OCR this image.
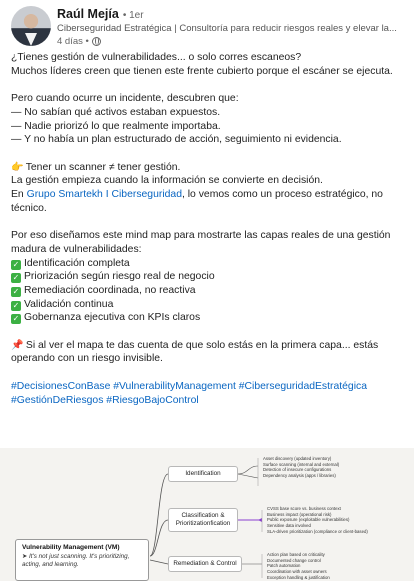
Raúl Mejía • 1er
Ciberseguridad Estratégica | Consultoría para reducir riesgos reales y elevar la...
4 días •
¿Tienes gestión de vulnerabilidades... o solo corres escaneos?
Muchos líderes creen que tienen este frente cubierto porque el escáner se ejecuta.
Pero cuando ocurre un incidente, descubren que:
— No sabían qué activos estaban expuestos.
— Nadie priorizó lo que realmente importaba.
— Y no había un plan estructurado de acción, seguimiento ni evidencia.
👉 Tener un scanner ≠ tener gestión.
La gestión empieza cuando la información se convierte en decisión.
En Grupo Smartekh I Ciberseguridad, lo vemos como un proceso estratégico, no
técnico.
Por eso diseñamos este mind map para mostrarte las capas reales de una gestión
madura de vulnerabilidades:
✓ Identificación completa
✓ Priorización según riesgo real de negocio
✓ Remediación coordinada, no reactiva
✓ Validación continua
✓ Gobernanza ejecutiva con KPIs claros
📌 Si al ver el mapa te das cuenta de que solo estás en la primera capa... estás
operando con un riesgo invisible.
#DecisionesConBase #VulnerabilityManagement #CiberseguridadEstratégica
#GestiónDeRiesgos #RiesgoBajoControl
Identification
Classification & Prioritizationfication
Remediation & Control
Asset discovery (updated inventory)
Surface scanning (internal and external)
Detection of insecure configurations
Dependency analysis (apps / libraries)
CVSS base score vs. business context
Business impact (operational risk)
Public exposure (exploitable vulnerabilities)
Sensitive data involved
SLA-driven prioritization (compliance or client-based)
Action plan based on criticality
Documented change control
Patch automation
Coordination with asset owners
Exception handling & justification
Vulnerability Management (VM)
➤ It's not just scanning. It's prioritizing, acting, and learning.
